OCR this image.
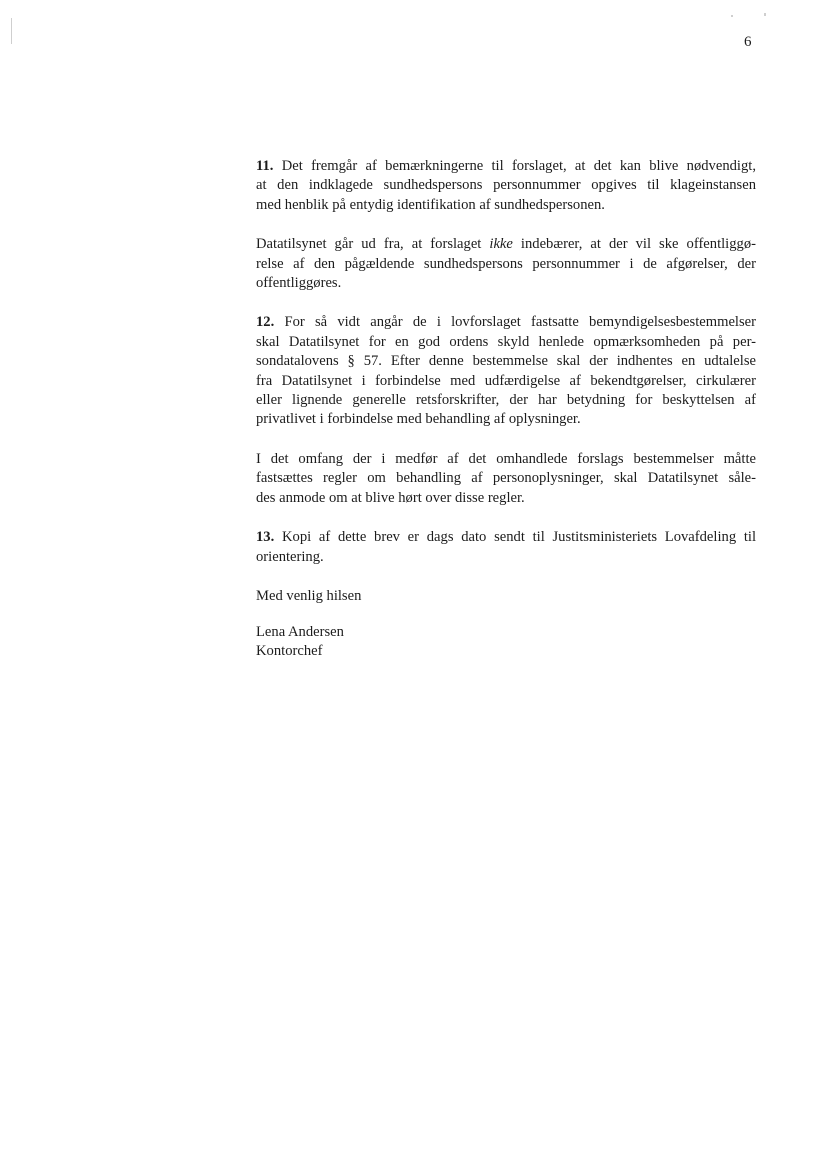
6

11. Det fremgår af bemærkningerne til forslaget, at det kan blive nødvendigt,
at den indklagede sundhedspersons personnummer opgives til klageinstansen
med henblik på entydig identifikation af sundhedspersonen.

Datatilsynet går ud fra, at forslaget ikke indebærer, at der vil ske offentliggø-
relse af den pågældende sundhedspersons personnummer i de afgørelser, der
offentliggøres.

12. For så vidt angår de i lovforslaget fastsatte bemyndigelsesbestemmelser
skal Datatilsynet for en god ordens skyld henlede opmærksomheden på per-
sondatalovens § 57. Efter denne bestemmelse skal der indhentes en udtalelse
fra Datatilsynet i forbindelse med udfærdigelse af bekendtgørelser, cirkulærer
eller lignende generelle retsforskrifter, der har betydning for beskyttelsen af
privatlivet i forbindelse med behandling af oplysninger.

I det omfang der i medfør af det omhandlede forslags bestemmelser måtte
fastsættes regler om behandling af personoplysninger, skal Datatilsynet såle-
des anmode om at blive hørt over disse regler.

13. Kopi af dette brev er dags dato sendt til Justitsministeriets Lovafdeling til
orientering.

Med venlig hilsen

Lena Andersen
Kontorchef
